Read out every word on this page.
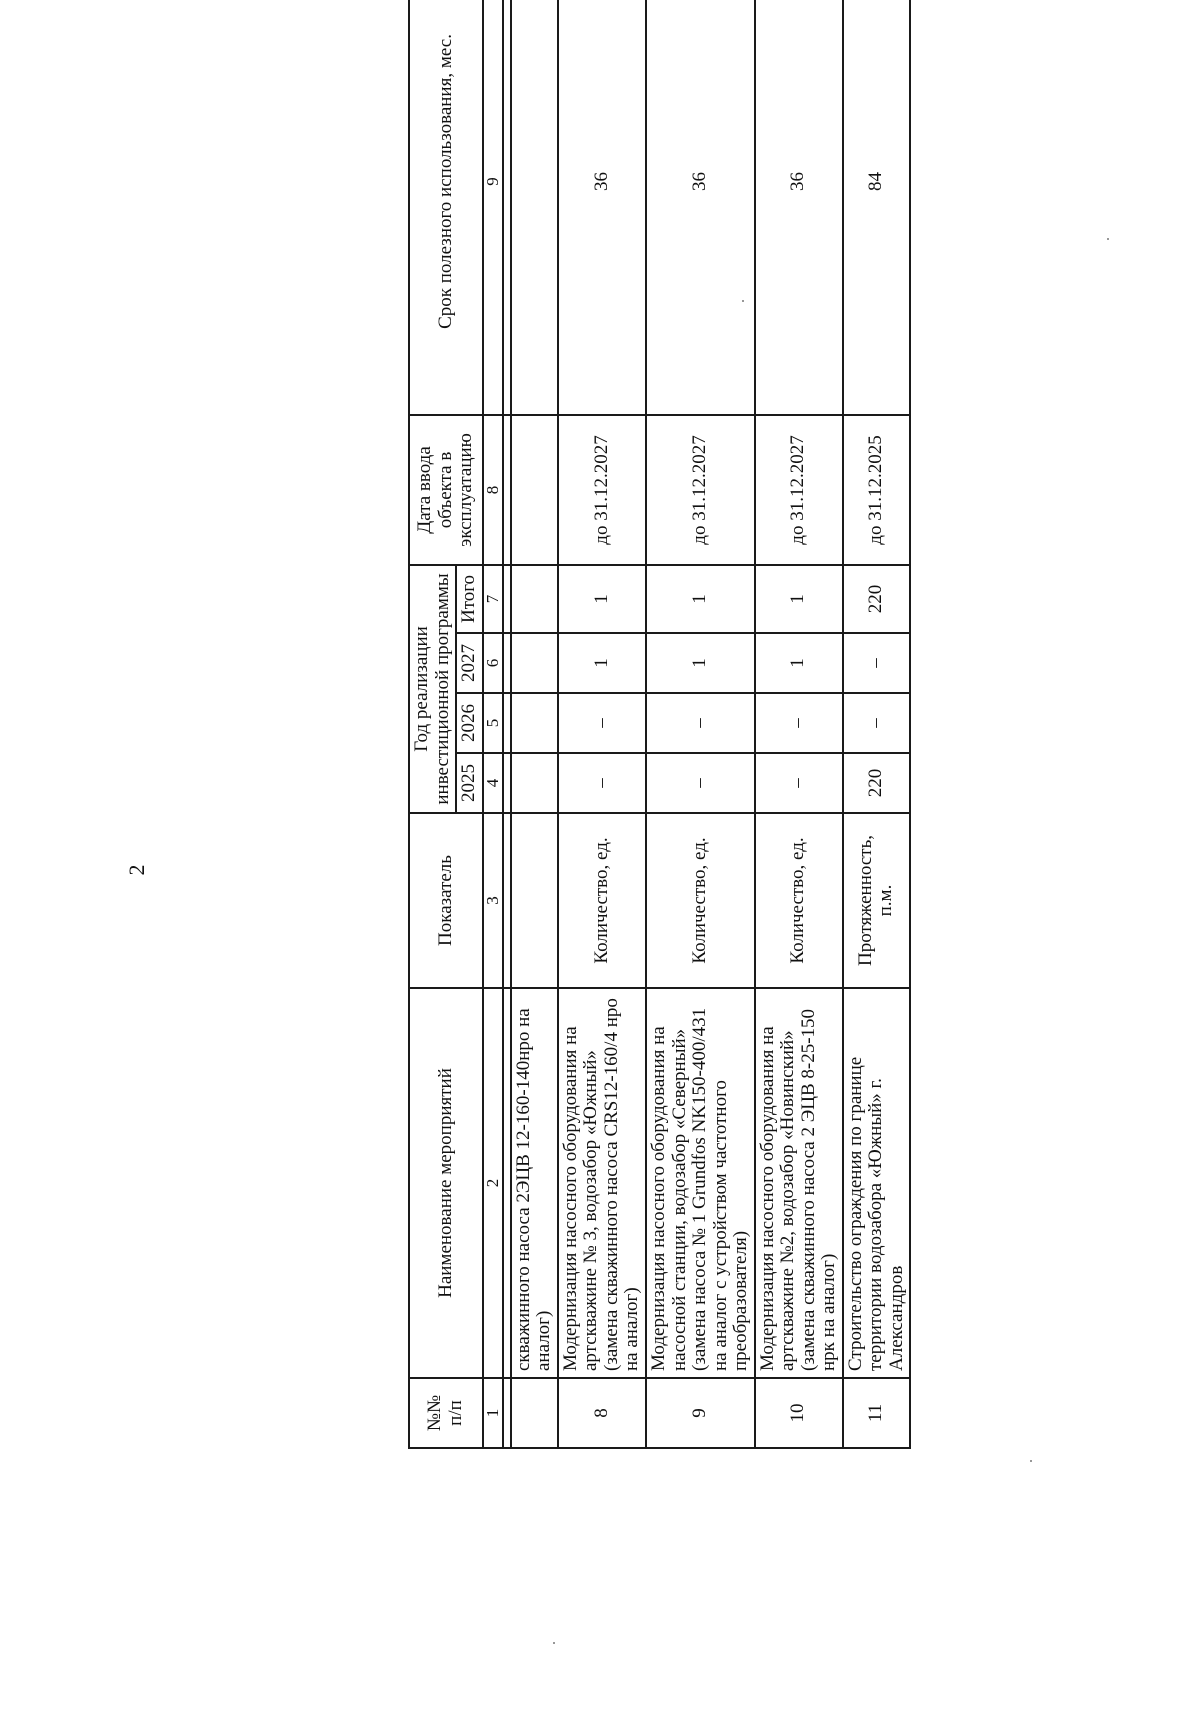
2
№№
п/п	Наименование мероприятий	Показатель	Год реализации инвестиционной программы				Дата ввода объекта в эксплуатацию	Срок полезного использования, мес.
			2025	2026	2027	Итого		
1	2	3	4	5	6	7	8	9

	скважинного насоса 2ЭЦВ 12-160-140нро на аналог)							
8	Модернизация насосного оборудования на артскважине № 3, водозабор «Южный» (замена скважинного насоса CRS12-160/4 нро на аналог)	Количество, ед.	–	–	1	1	до 31.12.2027	36
9	Модернизация насосного оборудования на насосной станции, водозабор «Северный» (замена насоса № 1 Grundfos NK150-400/431 на аналог с устройством частотного преобразователя)	Количество, ед.	–	–	1	1	до 31.12.2027	36
10	Модернизация насосного оборудования на артскважине №2, водозабор «Новинский» (замена скважинного насоса 2 ЭЦВ 8-25-150 нрк на аналог)	Количество, ед.	–	–	1	1	до 31.12.2027	36
11	Строительство ограждения по границе территории водозабора «Южный» г. Александров	Протяженность, п.м.	220	–	–	220	до 31.12.2025	84
